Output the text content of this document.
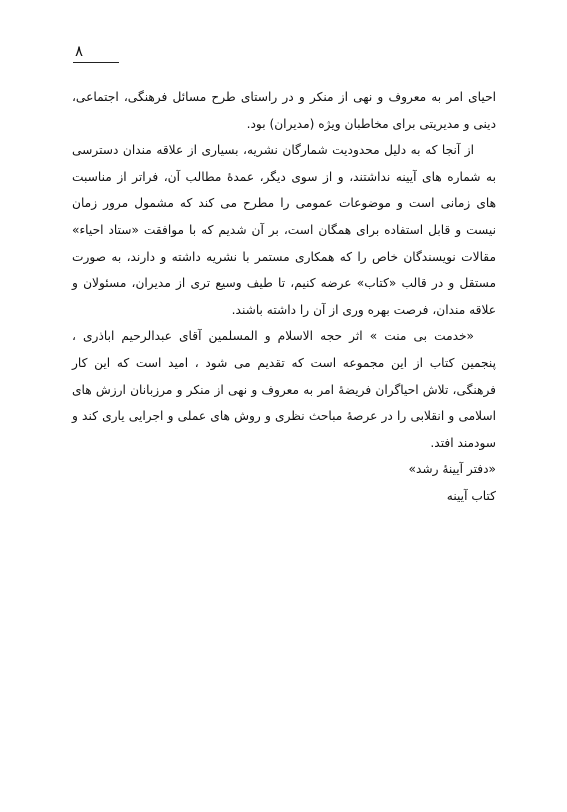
۸

احیای امر به معروف و نهی از منکر و در راستای طرح مسائل فرهنگی، اجتماعی، دینی و مدیریتی برای مخاطبان ویژه (مدیران) بود.

از آنجا که به دلیل محدودیت شمارگان نشریه، بسیاری از علاقه مندان دسترسی به شماره های آیینه نداشتند، و از سوی دیگر، عمدهٔ مطالب آن، فراتر از مناسبت های زمانی است و موضوعات عمومی را مطرح می کند که مشمول مرور زمان نیست و قابل استفاده برای همگان است، بر آن شدیم که با موافقت «ستاد احیاء» مقالات نویسندگان خاص را که همکاری مستمر با نشریه داشته و دارند، به صورت مستقل و در قالب «کتاب» عرضه کنیم، تا طیف وسیع تری از مدیران، مسئولان و علاقه مندان، فرصت بهره وری از آن را داشته باشند.

«خدمت بی منت » اثر حجه الاسلام و المسلمین آقای عبدالرحیم اباذری ، پنجمین کتاب از این مجموعه است که تقدیم می شود ، امید است که این کار فرهنگی، تلاش احیاگران فریضهٔ امر به معروف و نهی از منکر و مرزبانان ارزش های اسلامی و انقلابی را در عرصهٔ مباحث نظری و روش های عملی و اجرایی یاری کند و سودمند افتد.

«دفتر آیینهٔ رشد»

کتاب آیینه
